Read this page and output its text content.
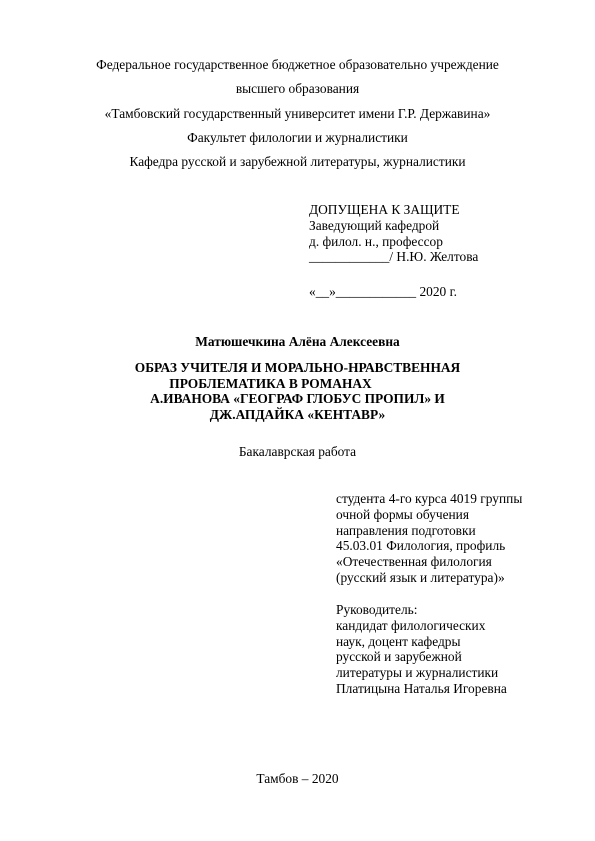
Федеральное государственное бюджетное образовательно учреждение
высшего образования
«Тамбовский государственный университет имени Г.Р. Державина»
Факультет филологии и журналистики
Кафедра русской и зарубежной литературы, журналистики
ДОПУЩЕНА К ЗАЩИТЕ
Заведующий кафедрой
д. филол. н., профессор
____________/ Н.Ю. Желтова
«__»____________ 2020 г.
Матюшечкина Алёна Алексеевна
ОБРАЗ УЧИТЕЛЯ И МОРАЛЬНО-НРАВСТВЕННАЯ
ПРОБЛЕМАТИКА В РОМАНАХ
А.ИВАНОВА «ГЕОГРАФ ГЛОБУС ПРОПИЛ» И
ДЖ.АПДАЙКА «КЕНТАВР»
Бакалаврская работа
студента 4-го курса 4019 группы
очной формы обучения
направления подготовки
45.03.01 Филология, профиль
«Отечественная филология
(русский язык и литература)»
Руководитель:
кандидат филологических
наук, доцент кафедры
русской и зарубежной
литературы и журналистики
Платицына Наталья Игоревна
Тамбов – 2020
